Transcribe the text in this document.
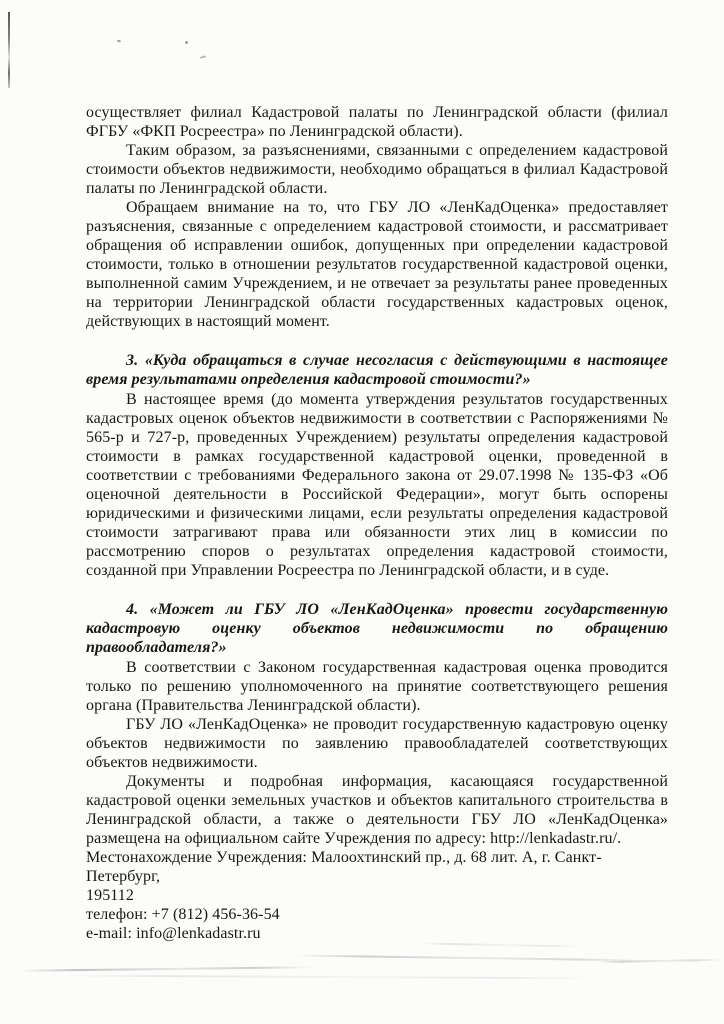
осуществляет филиал Кадастровой палаты по Ленинградской области (филиал ФГБУ «ФКП Росреестра» по Ленинградской области).

Таким образом, за разъяснениями, связанными с определением кадастровой стоимости объектов недвижимости, необходимо обращаться в филиал Кадастровой палаты по Ленинградской области.

Обращаем внимание на то, что ГБУ ЛО «ЛенКадОценка» предоставляет разъяснения, связанные с определением кадастровой стоимости, и рассматривает обращения об исправлении ошибок, допущенных при определении кадастровой стоимости, только в отношении результатов государственной кадастровой оценки, выполненной самим Учреждением, и не отвечает за результаты ранее проведенных на территории Ленинградской области государственных кадастровых оценок, действующих в настоящий момент.

3. «Куда обращаться в случае несогласия с действующими в настоящее время результатами определения кадастровой стоимости?»

В настоящее время (до момента утверждения результатов государственных кадастровых оценок объектов недвижимости в соответствии с Распоряжениями № 565-р и 727-р, проведенных Учреждением) результаты определения кадастровой стоимости в рамках государственной кадастровой оценки, проведенной в соответствии с требованиями Федерального закона от 29.07.1998 № 135-ФЗ «Об оценочной деятельности в Российской Федерации», могут быть оспорены юридическими и физическими лицами, если результаты определения кадастровой стоимости затрагивают права или обязанности этих лиц в комиссии по рассмотрению споров о результатах определения кадастровой стоимости, созданной при Управлении Росреестра по Ленинградской области, и в суде.

4. «Может ли ГБУ ЛО «ЛенКадОценка» провести государственную кадастровую оценку объектов недвижимости по обращению правообладателя?»

В соответствии с Законом государственная кадастровая оценка проводится только по решению уполномоченного на принятие соответствующего решения органа (Правительства Ленинградской области).

ГБУ ЛО «ЛенКадОценка» не проводит государственную кадастровую оценку объектов недвижимости по заявлению правообладателей соответствующих объектов недвижимости.

Документы и подробная информация, касающаяся государственной кадастровой оценки земельных участков и объектов капитального строительства в Ленинградской области, а также о деятельности ГБУ ЛО «ЛенКадОценка» размещена на официальном сайте Учреждения по адресу: http://lenkadastr.ru/.

Местонахождение Учреждения: Малоохтинский пр., д. 68 лит. А, г. Санкт-Петербург,

195112

телефон: +7 (812) 456-36-54

e-mail: info@lenkadastr.ru
